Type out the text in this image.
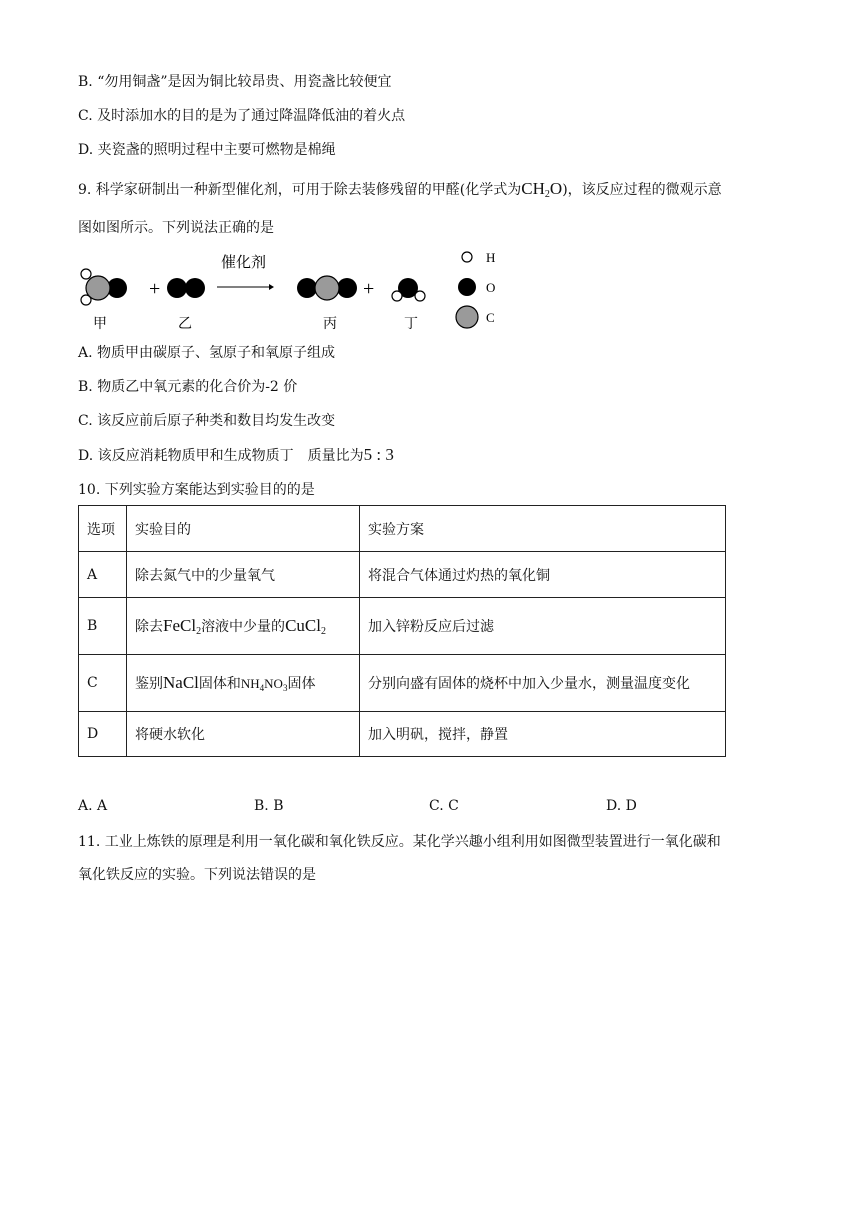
B. “勿用铜盏”是因为铜比较昂贵、用瓷盏比较便宜
C. 及时添加水的目的是为了通过降温降低油的着火点
D. 夹瓷盏的照明过程中主要可燃物是棉绳
9. 科学家研制出一种新型催化剂，可用于除去装修残留的甲醛(化学式为$CH_2O$)，该反应过程的微观示意
图如图所示。下列说法正确的是
+
催化剂
+
甲	乙	丙	丁
H
O
C
A. 物质甲由碳原子、氢原子和氧原子组成
B. 物质乙中氧元素的化合价为-2 价
C. 该反应前后原子种类和数目均发生改变
D. 该反应消耗物质甲和生成物质丁　质量比为5 : 3
10. 下列实验方案能达到实验目的的是
选项	实验目的	实验方案
A	除去氮气中的少量氧气	将混合气体通过灼热的氧化铜
B	除去FeCl$_2$溶液中少量的CuCl$_2$	加入锌粉反应后过滤
C	鉴别NaCl固体和$NH_4NO_3$固体	分别向盛有固体的烧杯中加入少量水，测量温度变化
D	将硬水软化	加入明矾，搅拌，静置
A. A	B. B	C. C	D. D
11. 工业上炼铁的原理是利用一氧化碳和氧化铁反应。某化学兴趣小组利用如图微型装置进行一氧化碳和
氧化铁反应的实验。下列说法错误的是
